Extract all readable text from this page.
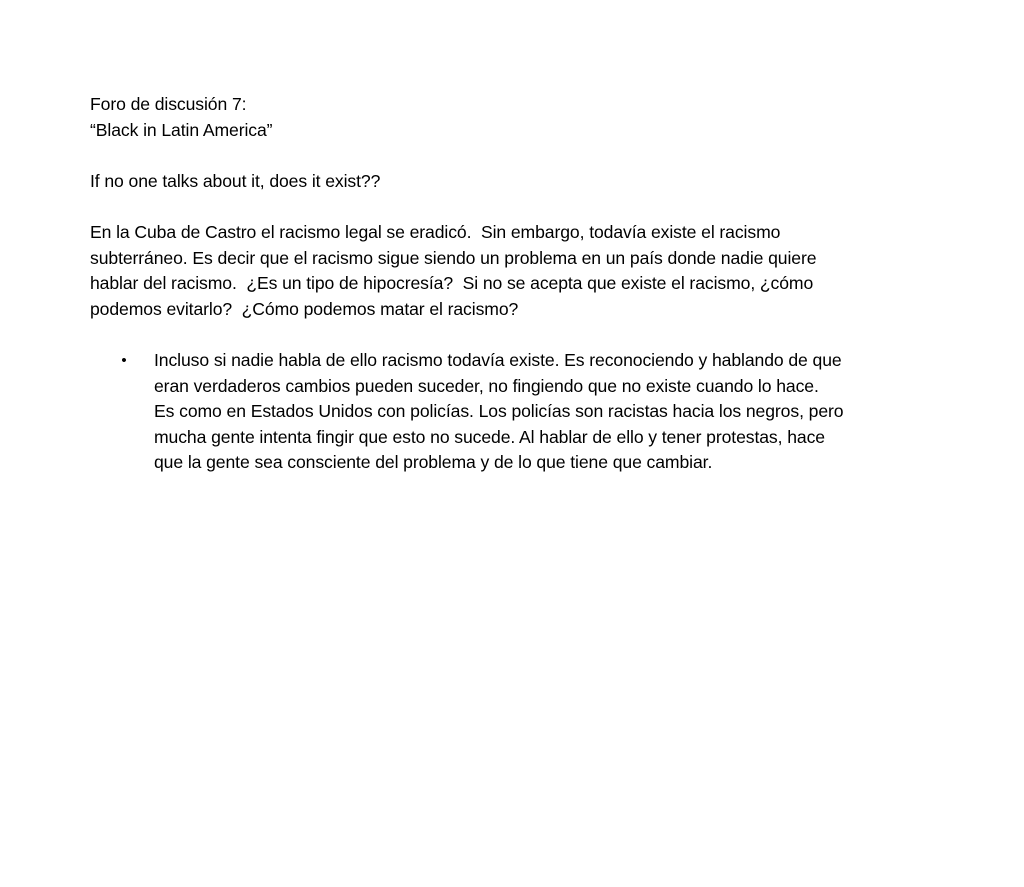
Foro de discusión 7:
“Black in Latin America”
If no one talks about it, does it exist??
En la Cuba de Castro el racismo legal se eradicó.  Sin embargo, todavía existe el racismo
subterráneo. Es decir que el racismo sigue siendo un problema en un país donde nadie quiere
hablar del racismo.  ¿Es un tipo de hipocresía?  Si no se acepta que existe el racismo, ¿cómo
podemos evitarlo?  ¿Cómo podemos matar el racismo?
• Incluso si nadie habla de ello racismo todavía existe. Es reconociendo y hablando de que
eran verdaderos cambios pueden suceder, no fingiendo que no existe cuando lo hace.
Es como en Estados Unidos con policías. Los policías son racistas hacia los negros, pero
mucha gente intenta fingir que esto no sucede. Al hablar de ello y tener protestas, hace
que la gente sea consciente del problema y de lo que tiene que cambiar.
